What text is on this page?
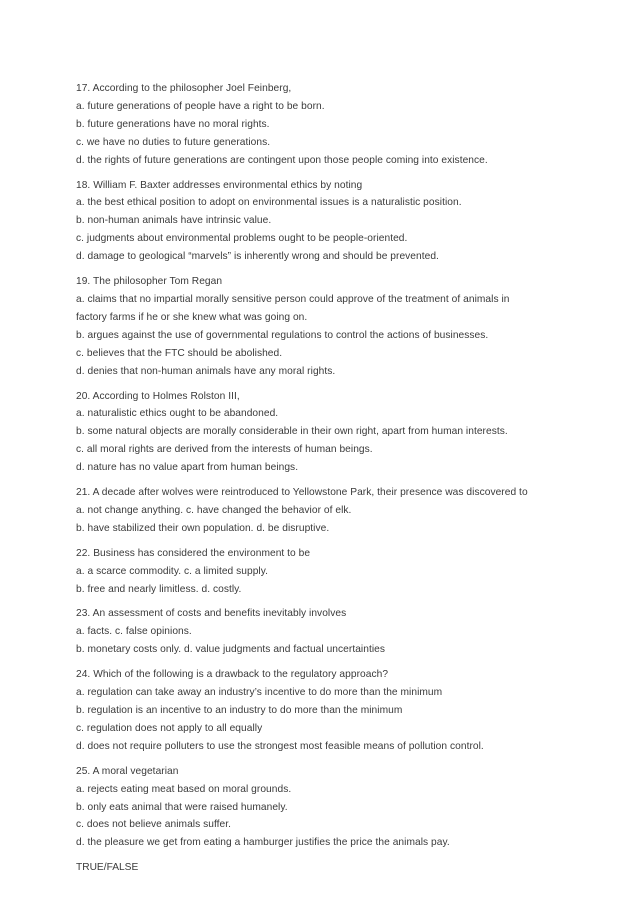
17. According to the philosopher Joel Feinberg,
a. future generations of people have a right to be born.
b. future generations have no moral rights.
c. we have no duties to future generations.
d. the rights of future generations are contingent upon those people coming into existence.
18. William F. Baxter addresses environmental ethics by noting
a. the best ethical position to adopt on environmental issues is a naturalistic position.
b. non-human animals have intrinsic value.
c. judgments about environmental problems ought to be people-oriented.
d. damage to geological “marvels” is inherently wrong and should be prevented.
19. The philosopher Tom Regan
a. claims that no impartial morally sensitive person could approve of the treatment of animals in
factory farms if he or she knew what was going on.
b. argues against the use of governmental regulations to control the actions of businesses.
c. believes that the FTC should be abolished.
d. denies that non-human animals have any moral rights.
20. According to Holmes Rolston III,
a. naturalistic ethics ought to be abandoned.
b. some natural objects are morally considerable in their own right, apart from human interests.
c. all moral rights are derived from the interests of human beings.
d. nature has no value apart from human beings.
21. A decade after wolves were reintroduced to Yellowstone Park, their presence was discovered to
a. not change anything. c. have changed the behavior of elk.
b. have stabilized their own population. d. be disruptive.
22. Business has considered the environment to be
a. a scarce commodity. c. a limited supply.
b. free and nearly limitless. d. costly.
23. An assessment of costs and benefits inevitably involves
a. facts. c. false opinions.
b. monetary costs only. d. value judgments and factual uncertainties
24. Which of the following is a drawback to the regulatory approach?
a. regulation can take away an industry’s incentive to do more than the minimum
b. regulation is an incentive to an industry to do more than the minimum
c. regulation does not apply to all equally
d. does not require polluters to use the strongest most feasible means of pollution control.
25. A moral vegetarian
a. rejects eating meat based on moral grounds.
b. only eats animal that were raised humanely.
c. does not believe animals suffer.
d. the pleasure we get from eating a hamburger justifies the price the animals pay.
TRUE/FALSE
